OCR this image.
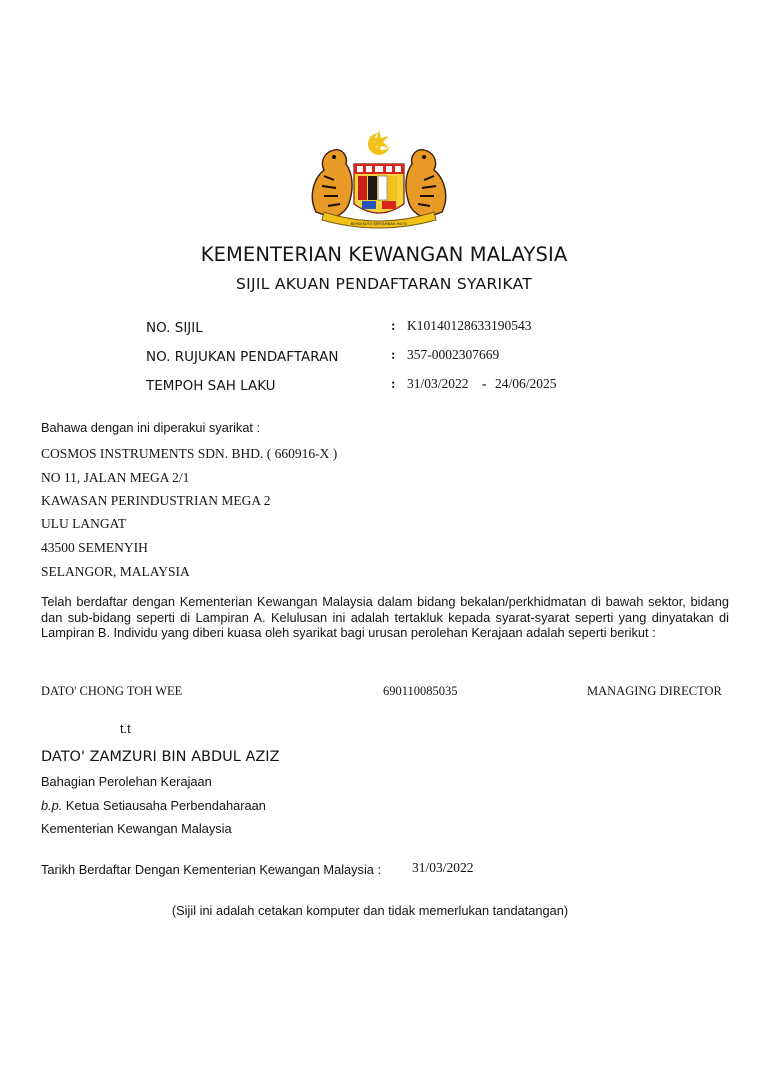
BERSEKUTU BERTAMBAH MUTU
KEMENTERIAN KEWANGAN MALAYSIA
SIJIL AKUAN PENDAFTARAN SYARIKAT
NO. SIJIL	: K10140128633190543
NO. RUJUKAN PENDAFTARAN	: 357-0002307669
TEMPOH SAH LAKU	: 31/03/2022 - 24/06/2025
Bahawa dengan ini diperakui syarikat :
COSMOS INSTRUMENTS SDN. BHD. ( 660916-X )
NO 11, JALAN MEGA 2/1
KAWASAN PERINDUSTRIAN MEGA 2
ULU LANGAT
43500 SEMENYIH
SELANGOR, MALAYSIA
Telah berdaftar dengan Kementerian Kewangan Malaysia dalam bidang bekalan/perkhidmatan di bawah sektor, bidang dan sub-bidang seperti di Lampiran A. Kelulusan ini adalah tertakluk kepada syarat-syarat seperti yang dinyatakan di Lampiran B. Individu yang diberi kuasa oleh syarikat bagi urusan perolehan Kerajaan adalah seperti berikut :
DATO' CHONG TOH WEE	690110085035	MANAGING DIRECTOR
t.t
DATO' ZAMZURI BIN ABDUL AZIZ
Bahagian Perolehan Kerajaan
b.p. Ketua Setiausaha Perbendaharaan
Kementerian Kewangan Malaysia
Tarikh Berdaftar Dengan Kementerian Kewangan Malaysia : 31/03/2022
(Sijil ini adalah cetakan komputer dan tidak memerlukan tandatangan)
